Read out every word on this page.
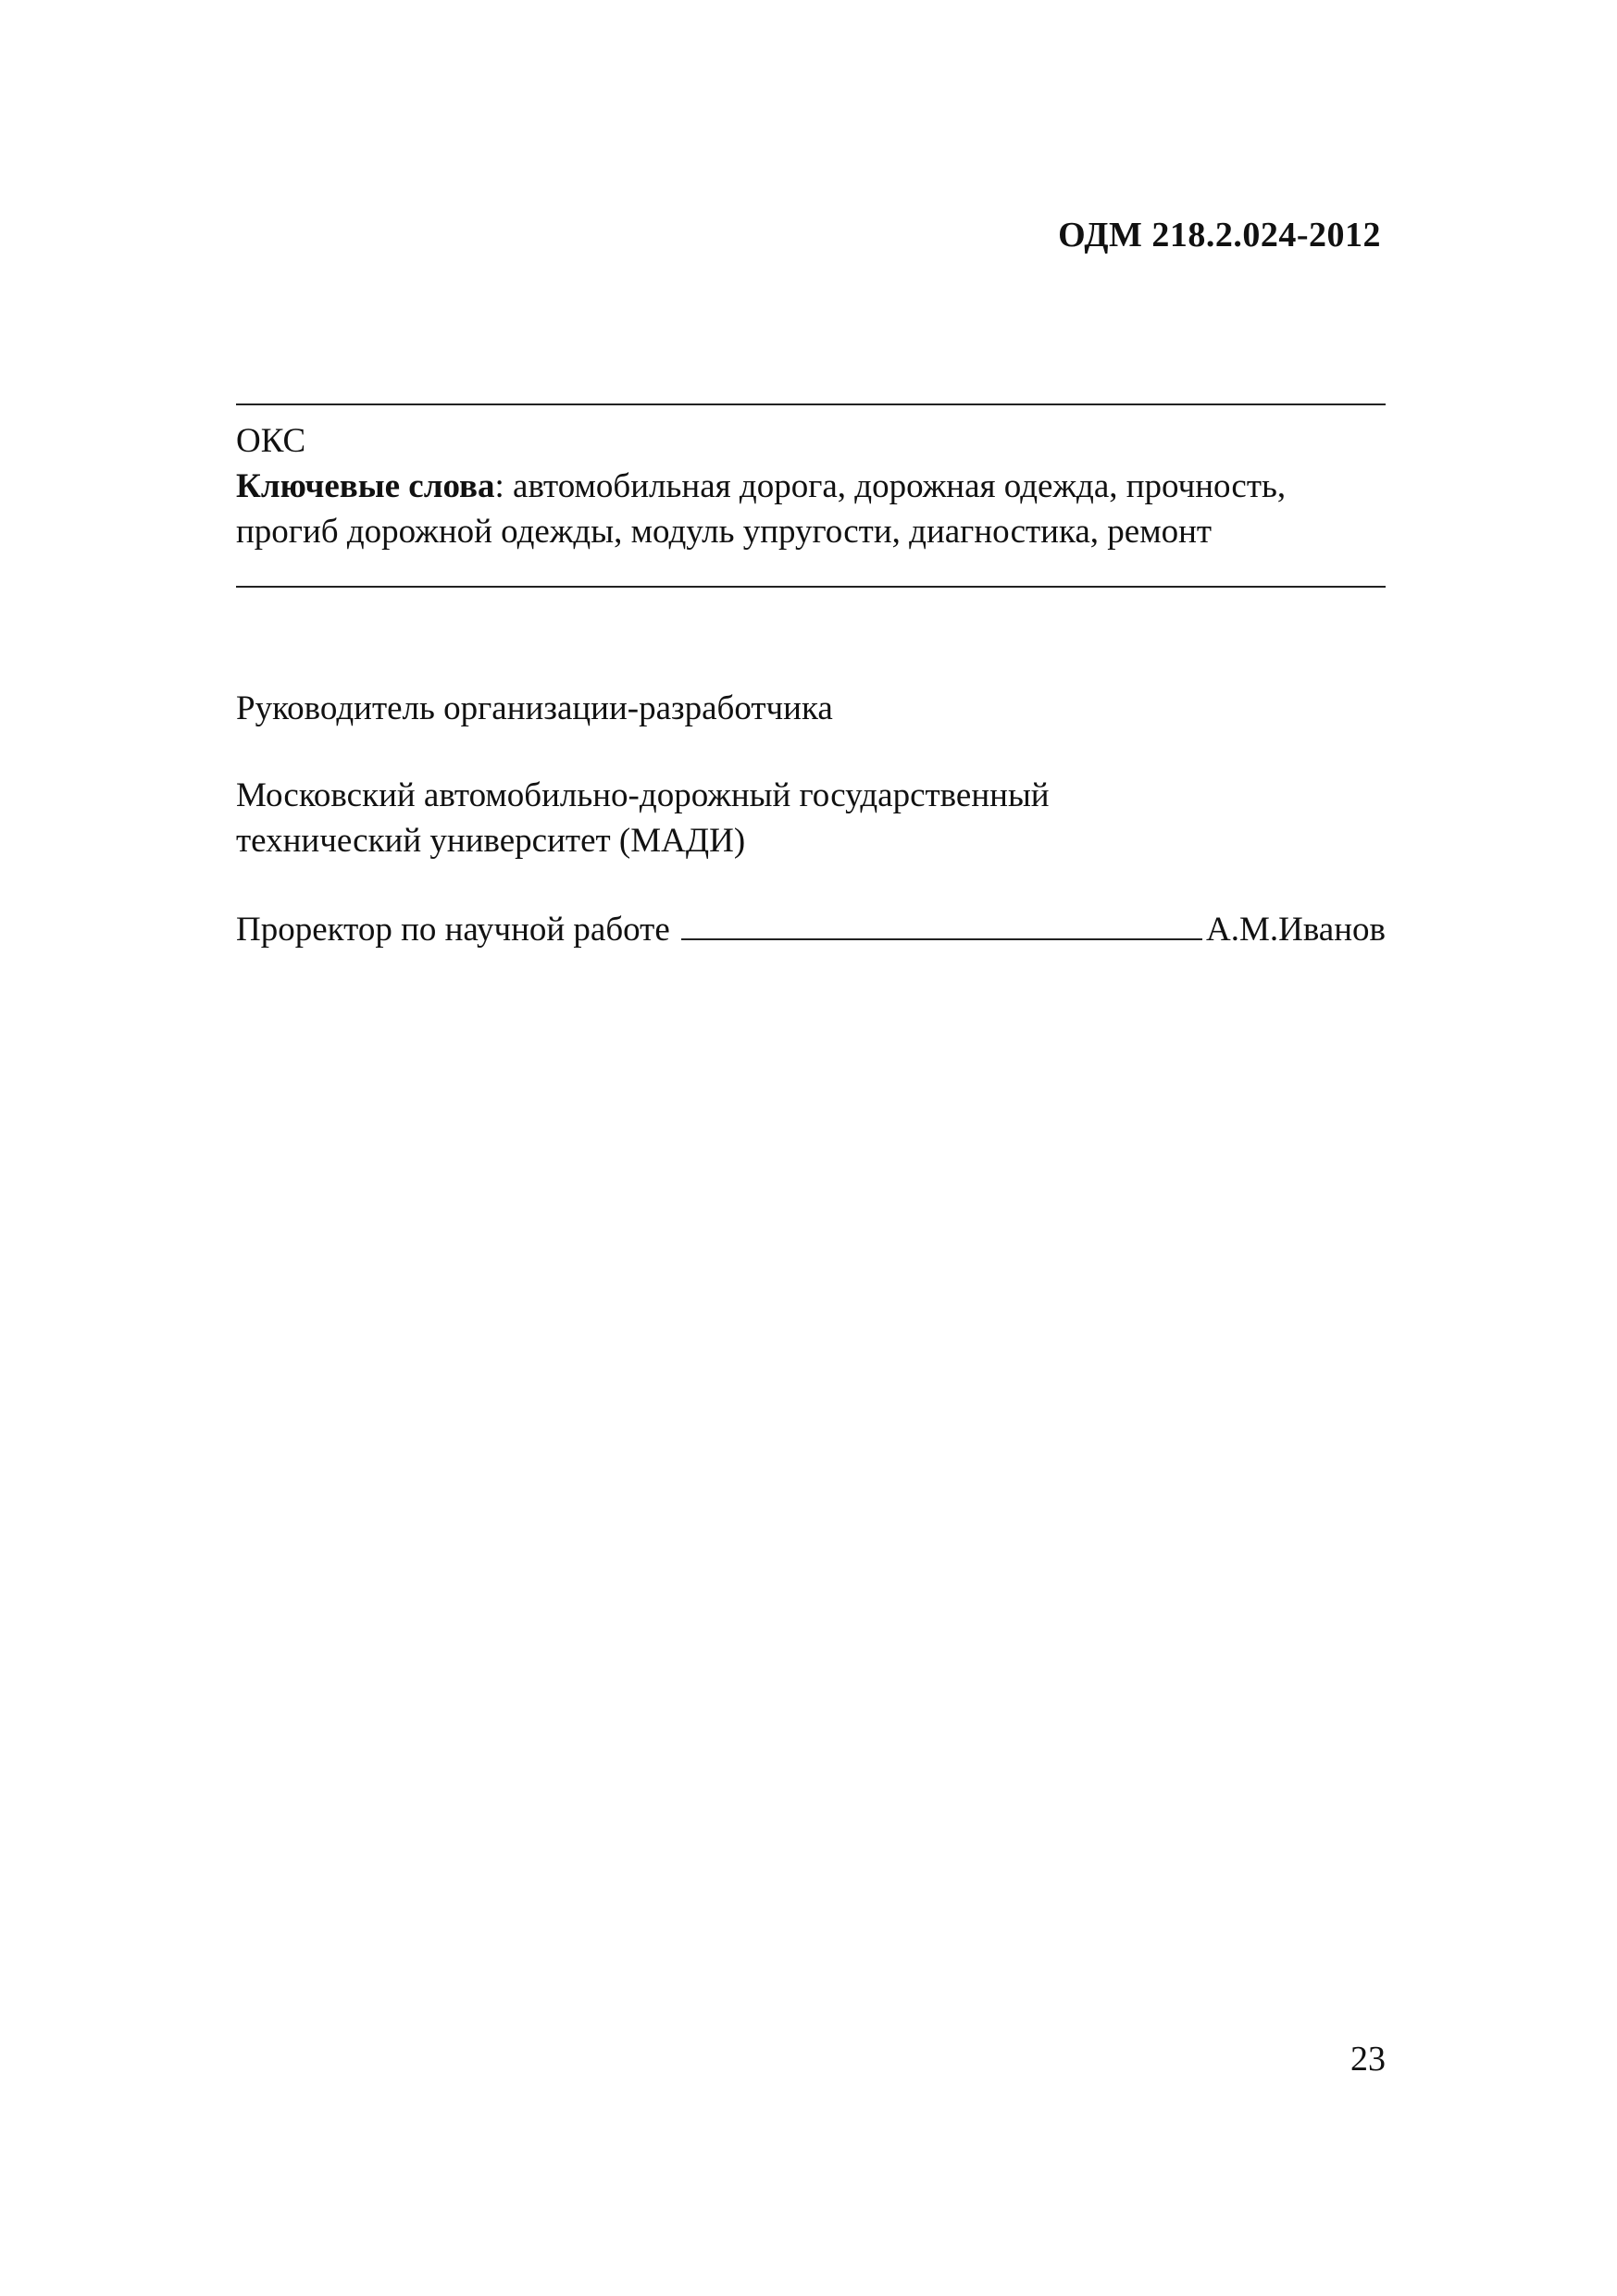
ОДМ 218.2.024-2012
ОКС
Ключевые слова: автомобильная дорога, дорожная одежда, прочность,
прогиб дорожной одежды, модуль упругости, диагностика, ремонт
Руководитель организации-разработчика
Московский автомобильно-дорожный государственный
технический университет (МАДИ)
Проректор по научной работе	А.М.Иванов
23
